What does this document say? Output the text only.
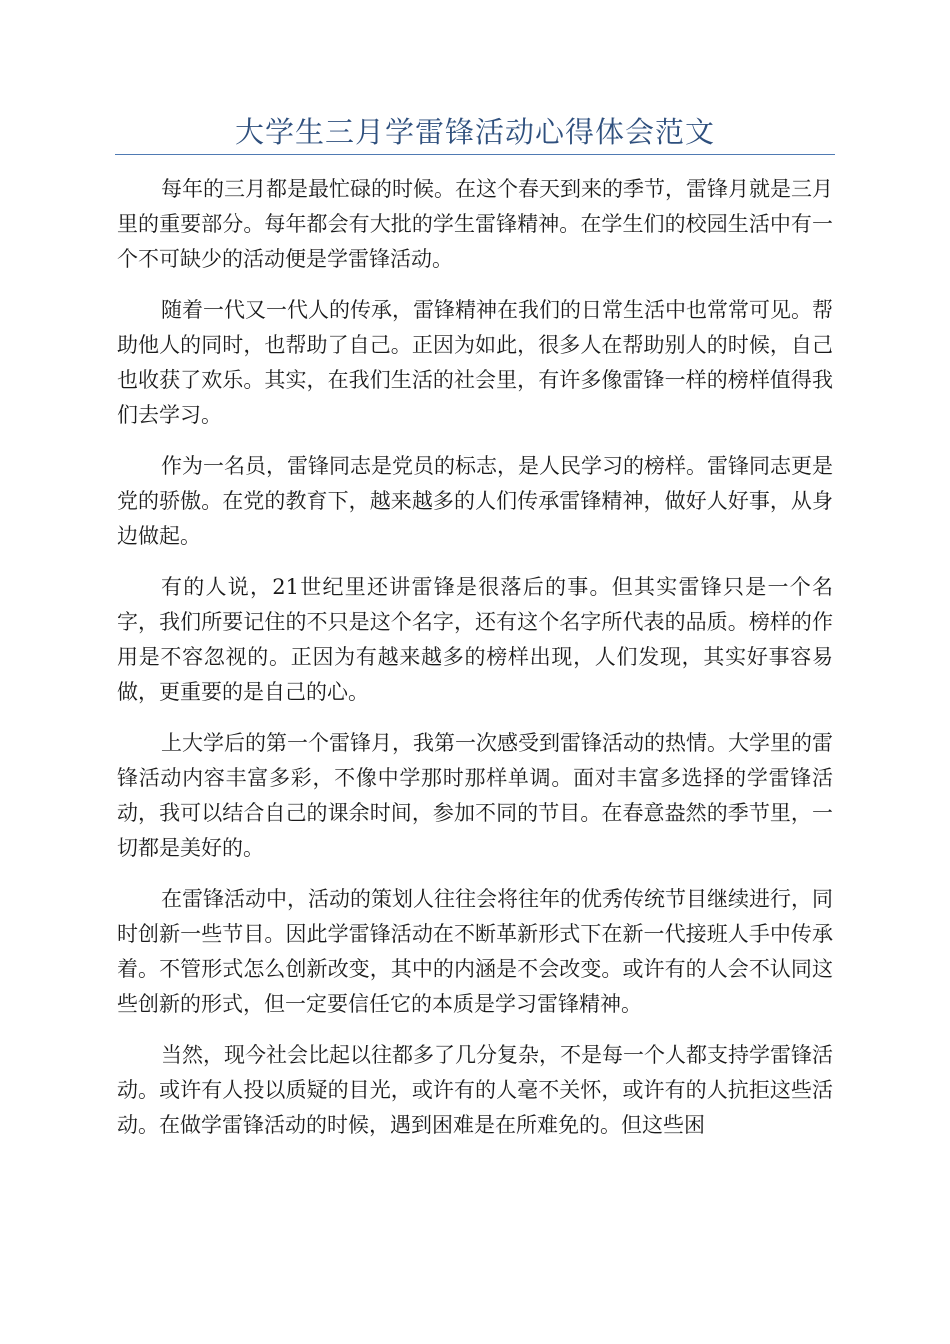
大学生三月学雷锋活动心得体会范文

每年的三月都是最忙碌的时候。在这个春天到来的季节，雷锋月就是三月里的重要部分。每年都会有大批的学生雷锋精神。在学生们的校园生活中有一个不可缺少的活动便是学雷锋活动。

随着一代又一代人的传承，雷锋精神在我们的日常生活中也常常可见。帮助他人的同时，也帮助了自己。正因为如此，很多人在帮助别人的时候，自己也收获了欢乐。其实，在我们生活的社会里，有许多像雷锋一样的榜样值得我们去学习。

作为一名员，雷锋同志是党员的标志，是人民学习的榜样。雷锋同志更是党的骄傲。在党的教育下，越来越多的人们传承雷锋精神，做好人好事，从身边做起。

有的人说，21世纪里还讲雷锋是很落后的事。但其实雷锋只是一个名字，我们所要记住的不只是这个名字，还有这个名字所代表的品质。榜样的作用是不容忽视的。正因为有越来越多的榜样出现，人们发现，其实好事容易做，更重要的是自己的心。

上大学后的第一个雷锋月，我第一次感受到雷锋活动的热情。大学里的雷锋活动内容丰富多彩，不像中学那时那样单调。面对丰富多选择的学雷锋活动，我可以结合自己的课余时间，参加不同的节目。在春意盎然的季节里，一切都是美好的。

在雷锋活动中，活动的策划人往往会将往年的优秀传统节目继续进行，同时创新一些节目。因此学雷锋活动在不断革新形式下在新一代接班人手中传承着。不管形式怎么创新改变，其中的内涵是不会改变。或许有的人会不认同这些创新的形式，但一定要信任它的本质是学习雷锋精神。

当然，现今社会比起以往都多了几分复杂，不是每一个人都支持学雷锋活动。或许有人投以质疑的目光，或许有的人毫不关怀，或许有的人抗拒这些活动。在做学雷锋活动的时候，遇到困难是在所难免的。但这些困
